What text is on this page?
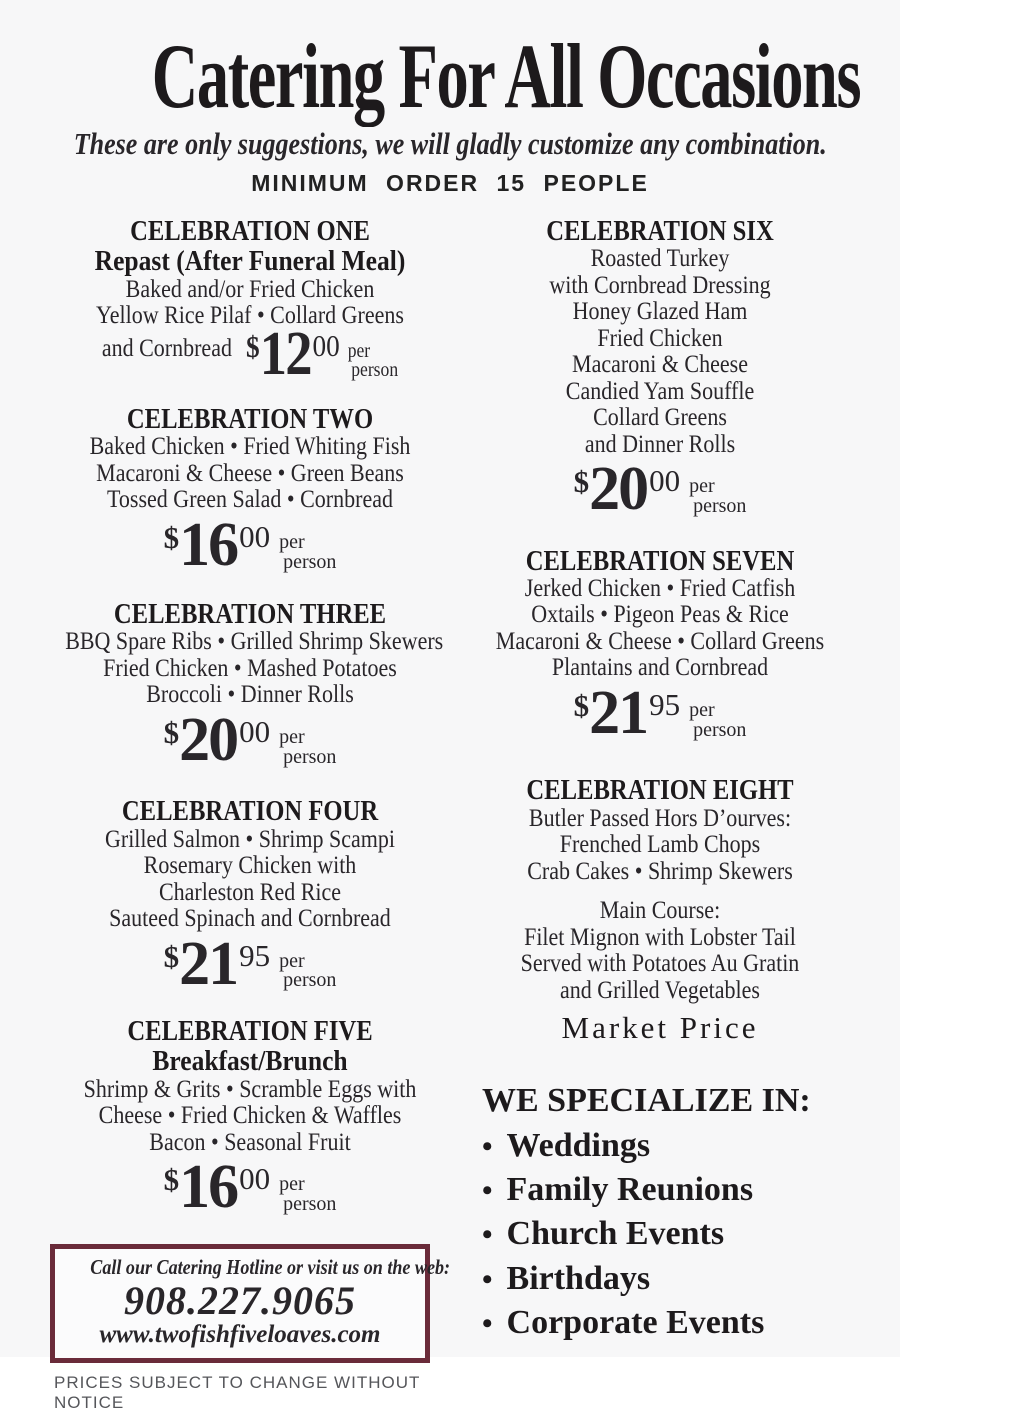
Catering For All Occasions
These are only suggestions, we will gladly customize any combination.
MINIMUM ORDER 15 PEOPLE
CELEBRATION ONE
Repast (After Funeral Meal)
Baked and/or Fried Chicken
Yellow Rice Pilaf • Collard Greens
and Cornbread $ 12 00 per
person
CELEBRATION TWO
Baked Chicken • Fried Whiting Fish
Macaroni & Cheese • Green Beans
Tossed Green Salad • Cornbread
$ 16 00 per
person
CELEBRATION THREE
BBQ Spare Ribs • Grilled Shrimp Skewers
Fried Chicken • Mashed Potatoes
Broccoli • Dinner Rolls
$ 20 00 per
person
CELEBRATION FOUR
Grilled Salmon • Shrimp Scampi
Rosemary Chicken with
Charleston Red Rice
Sauteed Spinach and Cornbread
$ 21 95 per
person
CELEBRATION FIVE
Breakfast/Brunch
Shrimp & Grits • Scramble Eggs with
Cheese • Fried Chicken & Waffles
Bacon • Seasonal Fruit
$ 16 00 per
person
Call our Catering Hotline or visit us on the web:
908.227.9065
www.twofishfiveloaves.com
PRICES SUBJECT TO CHANGE WITHOUT NOTICE
CELEBRATION SIX
Roasted Turkey
with Cornbread Dressing
Honey Glazed Ham
Fried Chicken
Macaroni & Cheese
Candied Yam Souffle
Collard Greens
and Dinner Rolls
$ 20 00 per
person
CELEBRATION SEVEN
Jerked Chicken • Fried Catfish
Oxtails • Pigeon Peas & Rice
Macaroni & Cheese • Collard Greens
Plantains and Cornbread
$ 21 95 per
person
CELEBRATION EIGHT
Butler Passed Hors D’ourves:
Frenched Lamb Chops
Crab Cakes • Shrimp Skewers
Main Course:
Filet Mignon with Lobster Tail
Served with Potatoes Au Gratin
and Grilled Vegetables
Market Price
WE SPECIALIZE IN:
• Weddings
• Family Reunions
• Church Events
• Birthdays
• Corporate Events
